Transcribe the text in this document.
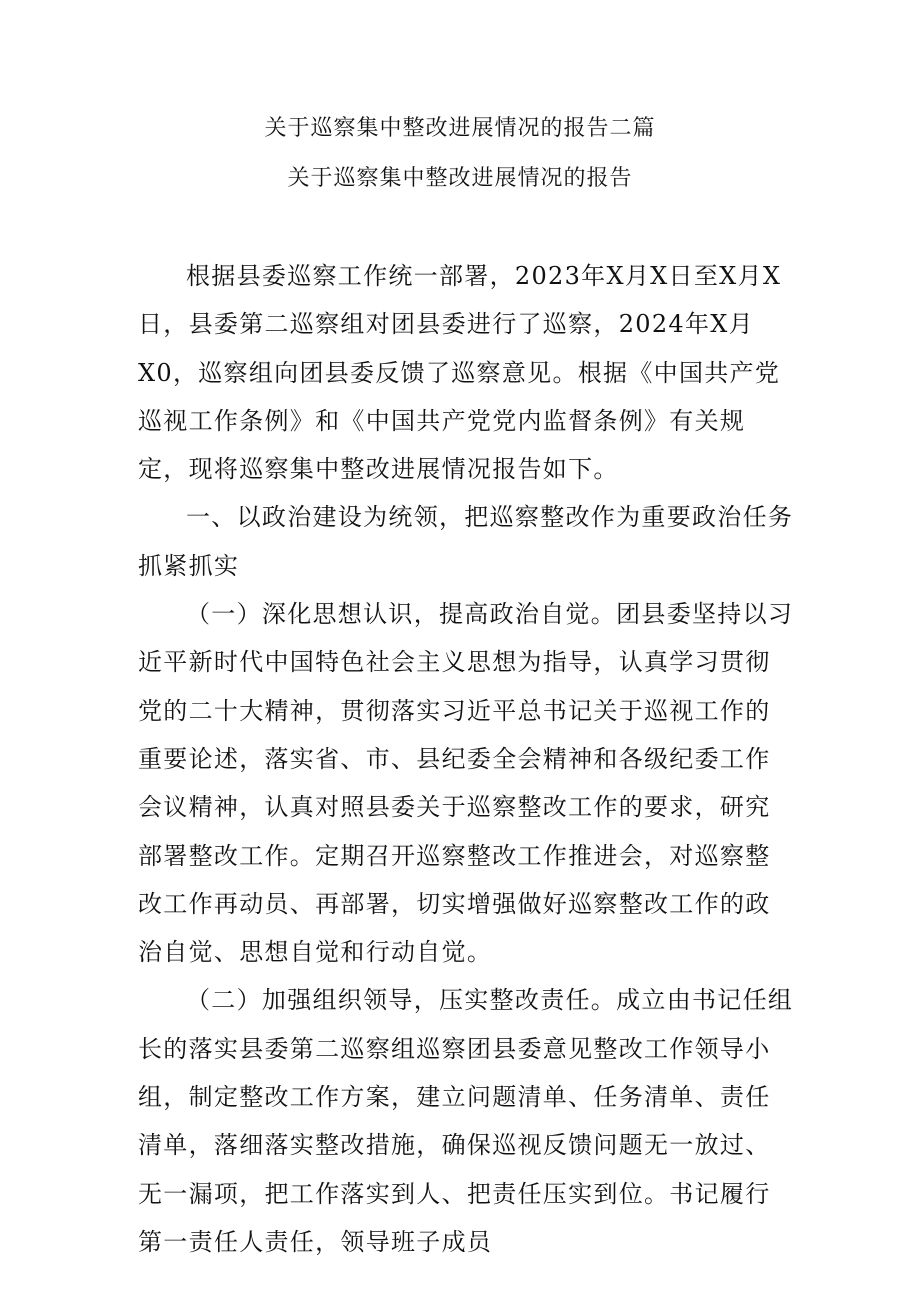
关于巡察集中整改进展情况的报告二篇
关于巡察集中整改进展情况的报告

根据县委巡察工作统一部署，2023年X月X日至X月X日，县委第二巡察组对团县委进行了巡察，2024年X月X0，巡察组向团县委反馈了巡察意见。根据《中国共产党巡视工作条例》和《中国共产党党内监督条例》有关规定，现将巡察集中整改进展情况报告如下。

一、以政治建设为统领，把巡察整改作为重要政治任务抓紧抓实

（一）深化思想认识，提高政治自觉。团县委坚持以习近平新时代中国特色社会主义思想为指导，认真学习贯彻党的二十大精神，贯彻落实习近平总书记关于巡视工作的重要论述，落实省、市、县纪委全会精神和各级纪委工作会议精神，认真对照县委关于巡察整改工作的要求，研究部署整改工作。定期召开巡察整改工作推进会，对巡察整改工作再动员、再部署，切实增强做好巡察整改工作的政治自觉、思想自觉和行动自觉。

（二）加强组织领导，压实整改责任。成立由书记任组长的落实县委第二巡察组巡察团县委意见整改工作领导小组，制定整改工作方案，建立问题清单、任务清单、责任清单，落细落实整改措施，确保巡视反馈问题无一放过、无一漏项，把工作落实到人、把责任压实到位。书记履行第一责任人责任，领导班子成员
